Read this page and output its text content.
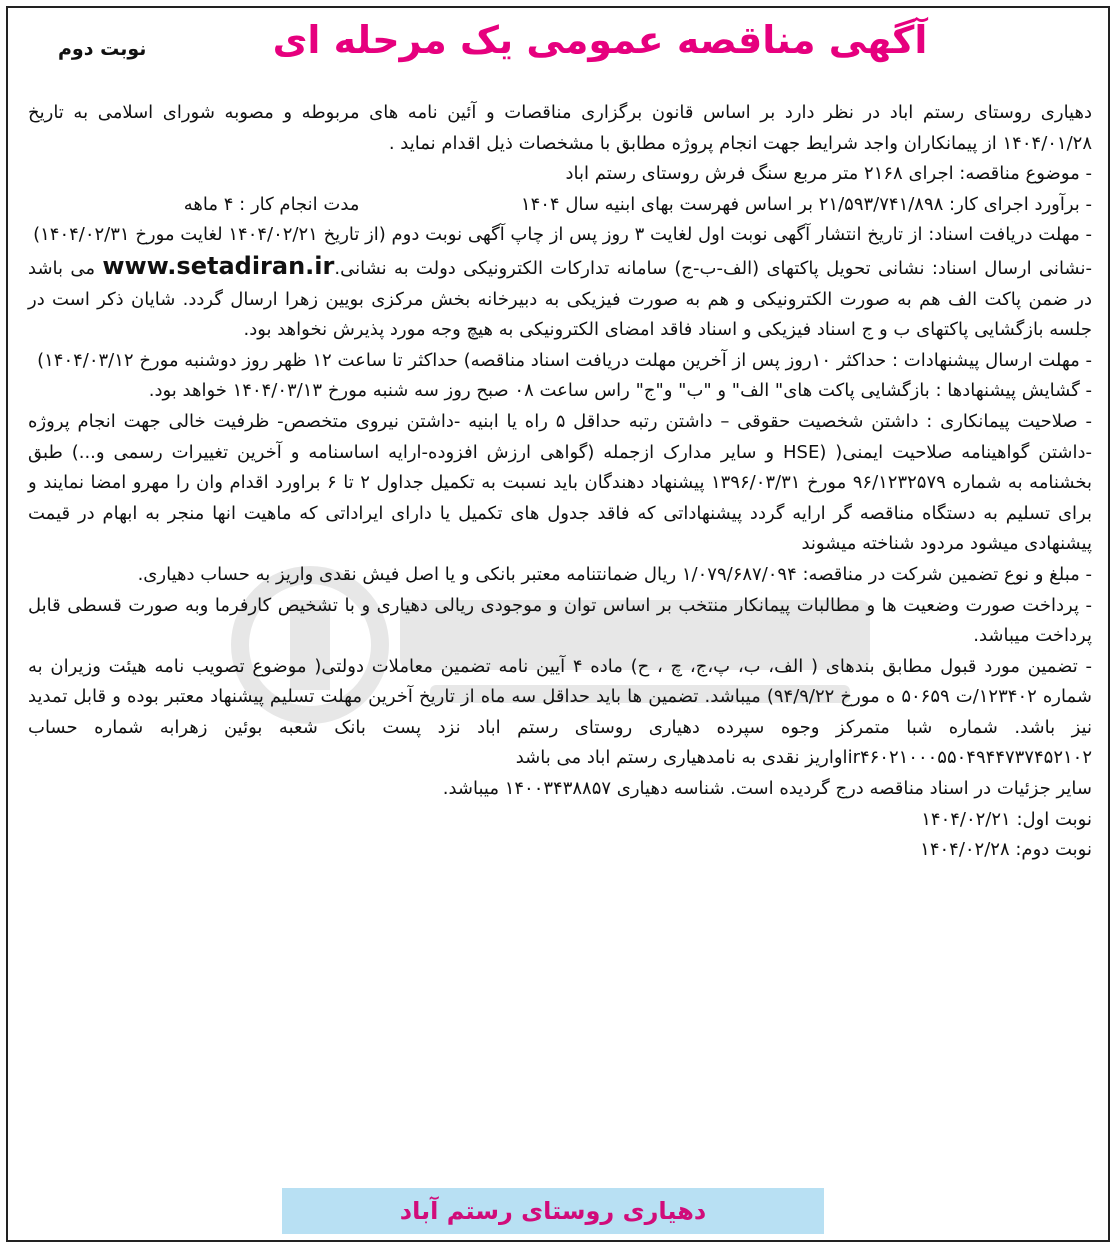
آگهی مناقصه عمومی یک مرحله ای
نوبت دوم

دهیاری روستای رستم اباد در نظر دارد بر اساس قانون برگزاری مناقصات و آئین نامه های مربوطه و مصوبه شورای اسلامی به تاریخ ۱۴۰۴/۰۱/۲۸ از پیمانکاران واجد شرایط جهت انجام پروژه مطابق با مشخصات ذیل اقدام نماید .

- موضوع مناقصه: اجرای ۲۱۶۸ متر مربع سنگ فرش روستای رستم اباد

- برآورد اجرای کار: ۲۱/۵۹۳/۷۴۱/۸۹۸ بر اساس فهرست بهای ابنیه سال ۱۴۰۴  مدت انجام کار : ۴ ماهه

- مهلت دریافت اسناد: از تاریخ انتشار آگهی نوبت اول لغایت ۳ روز پس از چاپ آگهی نوبت دوم (از تاریخ ۱۴۰۴/۰۲/۲۱ لغایت مورخ ۱۴۰۴/۰۲/۳۱)

-نشانی ارسال اسناد: نشانی تحویل پاکتهای (الف-ب-ج) سامانه تدارکات الکترونیکی دولت به نشانی.www.setadiran.ir می باشد در ضمن پاکت الف هم به صورت الکترونیکی و هم به صورت فیزیکی به دبیرخانه بخش مرکزی بویین زهرا ارسال گردد. شایان ذکر است در جلسه بازگشایی پاکتهای ب و ج اسناد فیزیکی و اسناد فاقد امضای الکترونیکی به هیچ وجه مورد پذیرش نخواهد بود.

- مهلت ارسال پیشنهادات : حداکثر ۱۰روز پس از آخرین مهلت دریافت اسناد مناقصه) حداکثر تا ساعت ۱۲ ظهر روز دوشنبه مورخ ۱۴۰۴/۰۳/۱۲)

- گشایش پیشنهادها : بازگشایی پاکت های" الف" و "ب" و"ج" راس ساعت ۰۸ صبح روز سه شنبه مورخ ۱۴۰۴/۰۳/۱۳ خواهد بود.

- صلاحیت پیمانکاری : داشتن شخصیت حقوقی – داشتن رتبه حداقل ۵ راه یا ابنیه -داشتن نیروی متخصص- ظرفیت خالی جهت انجام پروژه -داشتن گواهینامه صلاحیت ایمنی( (HSE و سایر مدارک ازجمله (گواهی ارزش افزوده-ارایه اساسنامه و آخرین تغییرات رسمی و...) طبق بخشنامه به شماره ۹۶/۱۲۳۲۵۷۹ مورخ ۱۳۹۶/۰۳/۳۱ پیشنهاد دهندگان باید نسبت به تکمیل جداول ۲ تا ۶ براورد اقدام وان را مهرو امضا نمایند و برای تسلیم به دستگاه مناقصه گر ارایه گردد پیشنهاداتی که فاقد جدول های تکمیل یا دارای ایراداتی که ماهیت انها منجر به ابهام در قیمت پیشنهادی میشود مردود شناخته میشوند

- مبلغ و نوع تضمین شرکت در مناقصه: ۱/۰۷۹/۶۸۷/۰۹۴ ریال ضمانتنامه معتبر بانکی و یا اصل فیش نقدی واریز به حساب دهیاری.

- پرداخت صورت وضعیت ها و مطالبات پیمانکار منتخب بر اساس توان و موجودی ریالی دهیاری و با تشخیص کارفرما وبه صورت قسطی قابل پرداخت میباشد.

- تضمین مورد قبول مطابق بندهای ( الف، ب، پ،ج، چ ، ح) ماده ۴ آیین نامه تضمین معاملات دولتی( موضوع تصویب نامه هیئت وزیران به شماره ۱۲۳۴۰۲/ت ۵۰۶۵۹ ه مورخ ۹۴/۹/۲۲) میباشد. تضمین ها باید حداقل سه ماه از تاریخ آخرین مهلت تسلیم پیشنهاد معتبر بوده و قابل تمدید نیز باشد. شماره شبا متمرکز وجوه سپرده دهیاری روستای رستم اباد نزد پست بانک شعبه بوئین زهرابه شماره حساب ir۴۶۰۲۱۰۰۰۵۵۰۴۹۴۴۷۳۷۴۵۲۱۰۲اواریز نقدی به نامدهیاری رستم اباد می باشد

سایر جزئیات در اسناد مناقصه درج گردیده است. شناسه دهیاری ۱۴۰۰۳۴۳۸۸۵۷ میباشد.

نوبت اول: ۱۴۰۴/۰۲/۲۱

نوبت دوم: ۱۴۰۴/۰۲/۲۸

دهیاری روستای رستم آباد
